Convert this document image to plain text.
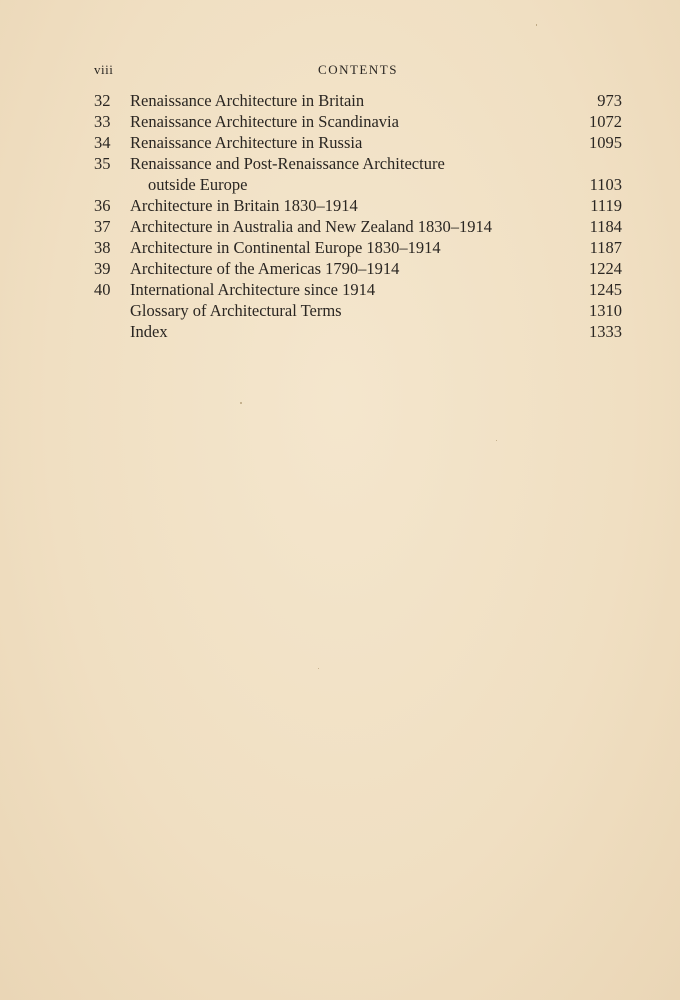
viii	CONTENTS
32	Renaissance Architecture in Britain	973
33	Renaissance Architecture in Scandinavia	1072
34	Renaissance Architecture in Russia	1095
35	Renaissance and Post-Renaissance Architecture
outside Europe	1103
36	Architecture in Britain 1830–1914	1119
37	Architecture in Australia and New Zealand 1830–1914	1184
38	Architecture in Continental Europe 1830–1914	1187
39	Architecture of the Americas 1790–1914	1224
40	International Architecture since 1914	1245
Glossary of Architectural Terms	1310
Index	1333
